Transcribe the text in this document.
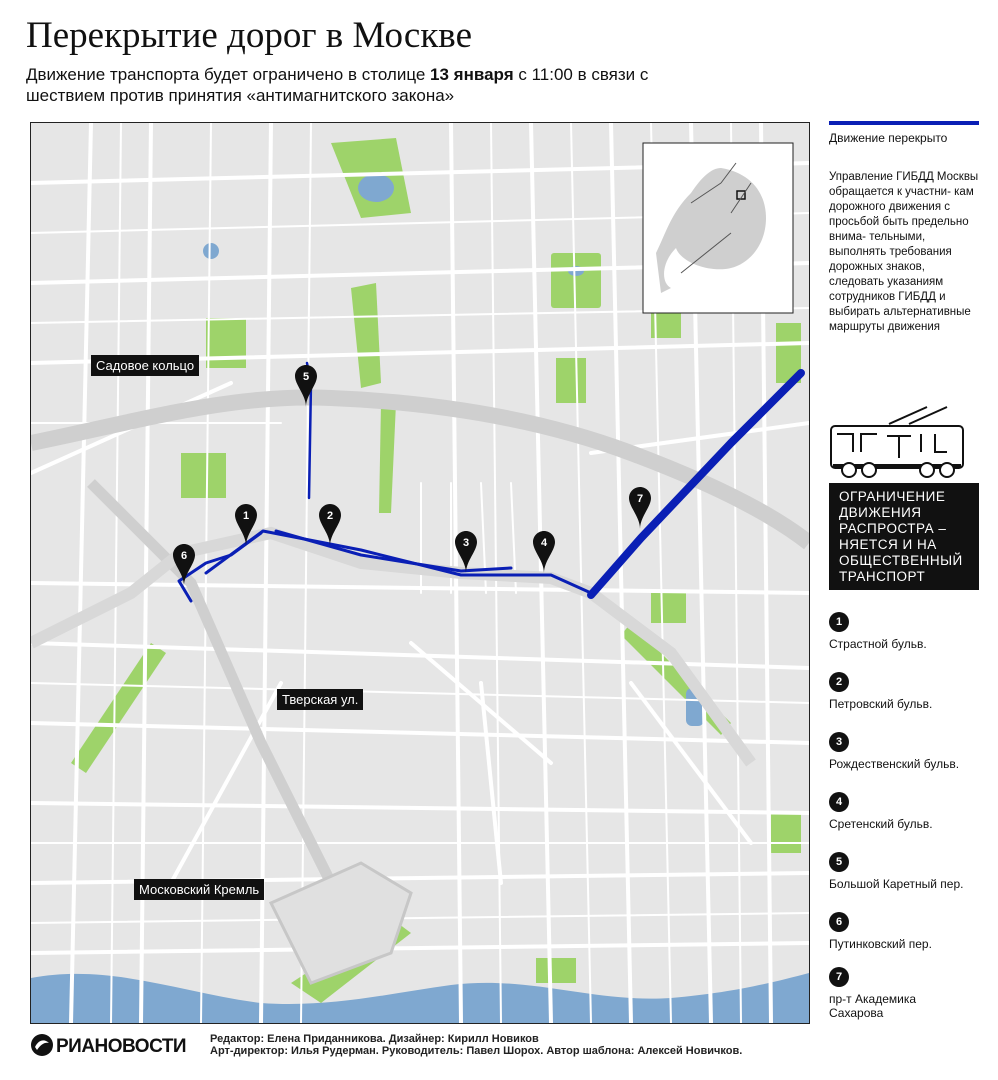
Перекрытие дорог в Москве
Движение транспорта будет ограничено в столице 13 января с 11:00 в связи с шествием против принятия «антимагнитского закона»
Садовое кольцо
Тверская ул.
Московский Кремль
1	2
3	4
5
6
7
Движение перекрыто
Управление ГИБДД Москвы обращается к участни- кам дорожного движения с просьбой быть предельно внима- тельными, выполнять требования дорожных знаков, следовать указаниям сотрудников ГИБДД и выбирать альтернативные маршруты движения
ОГРАНИЧЕНИЕ ДВИЖЕНИЯ РАСПРОСТРА – НЯЕТСЯ И НА ОБЩЕСТВЕННЫЙ ТРАНСПОРТ
1
Страстной бульв.
2
Петровский бульв.
3
Рождественский бульв.
4
Сретенский бульв.
5
Большой Каретный пер.
6
Путинковский пер.
7
пр-т Академика Сахарова
РИАНОВОСТИ Редактор: Елена Приданникова. Дизайнер: Кирилл Новиков
Арт-директор: Илья Рудерман. Руководитель: Павел Шорох. Автор шаблона: Алексей Новичков.
